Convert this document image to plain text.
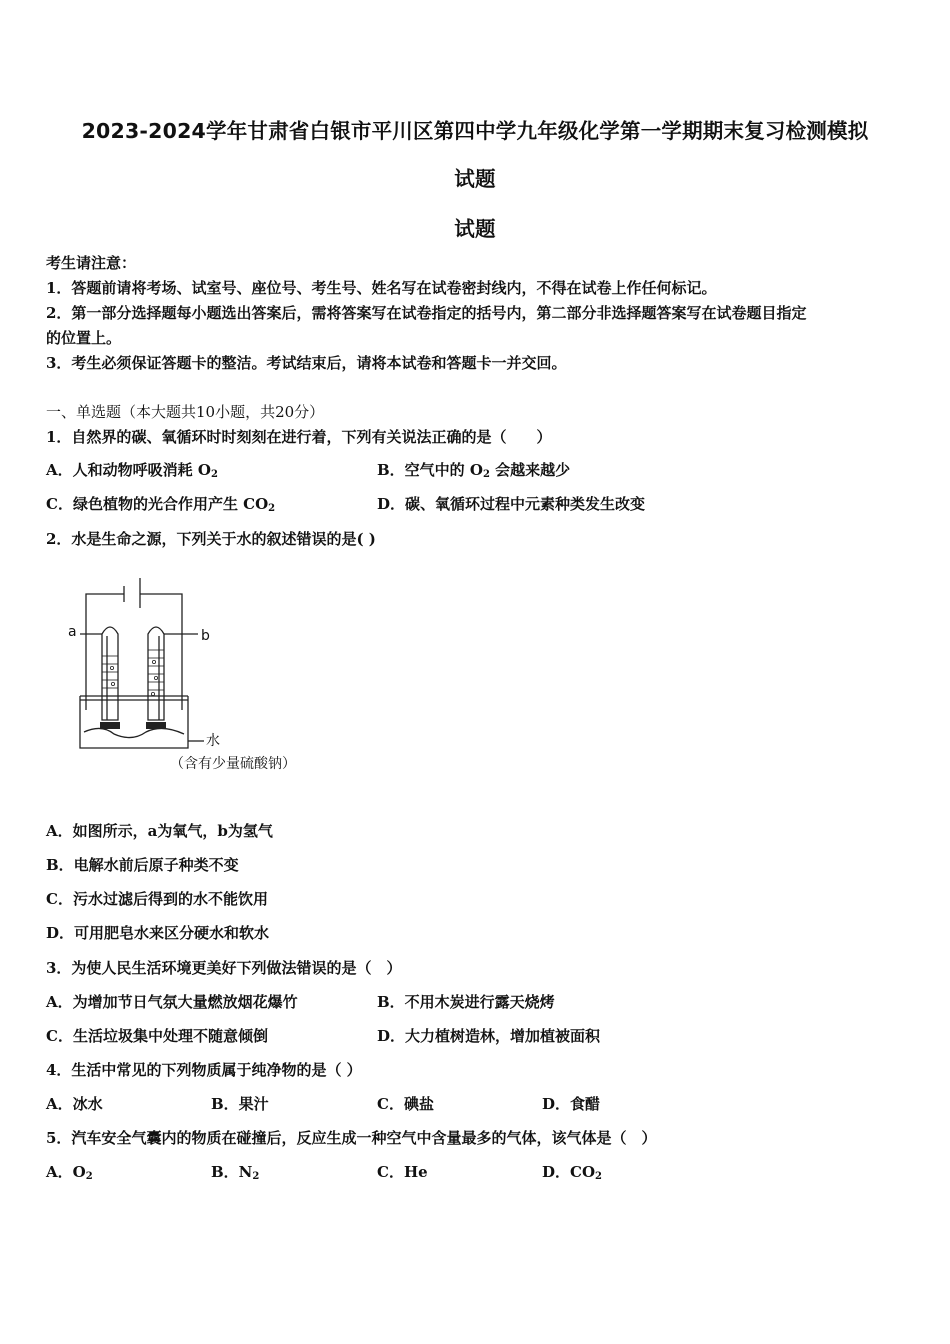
2023-2024学年甘肃省白银市平川区第四中学九年级化学第一学期期末复习检测模拟
试题
试题
考生请注意：
1．答题前请将考场、试室号、座位号、考生号、姓名写在试卷密封线内，不得在试卷上作任何标记。
2．第一部分选择题每小题选出答案后，需将答案写在试卷指定的括号内，第二部分非选择题答案写在试卷题目指定
的位置上。
3．考生必须保证答题卡的整洁。考试结束后，请将本试卷和答题卡一并交回。
一、单选题（本大题共10小题，共20分）
1．自然界的碳、氧循环时时刻刻在进行着，下列有关说法正确的是（　　）
A．人和动物呼吸消耗 $O_2$	B．空气中的 $O_2$ 会越来越少
C．绿色植物的光合作用产生 $CO_2$	D．碳、氧循环过程中元素种类发生改变
2．水是生命之源，下列关于水的叙述错误的是( )
a	b
水
（含有少量硫酸钠）
A．如图所示，a为氧气，b为氢气
B．电解水前后原子种类不变
C．污水过滤后得到的水不能饮用
D．可用肥皂水来区分硬水和软水
3．为使人民生活环境更美好下列做法错误的是（　）
A．为增加节日气氛大量燃放烟花爆竹	B．不用木炭进行露天烧烤
C．生活垃圾集中处理不随意倾倒	D．大力植树造林，增加植被面积
4．生活中常见的下列物质属于纯净物的是（ ）
A．冰水	B．果汁	C．碘盐	D．食醋
5．汽车安全气囊内的物质在碰撞后，反应生成一种空气中含量最多的气体，该气体是（　）
A．$O_2$	B．$N_2$	C．He	D．$CO_2$
